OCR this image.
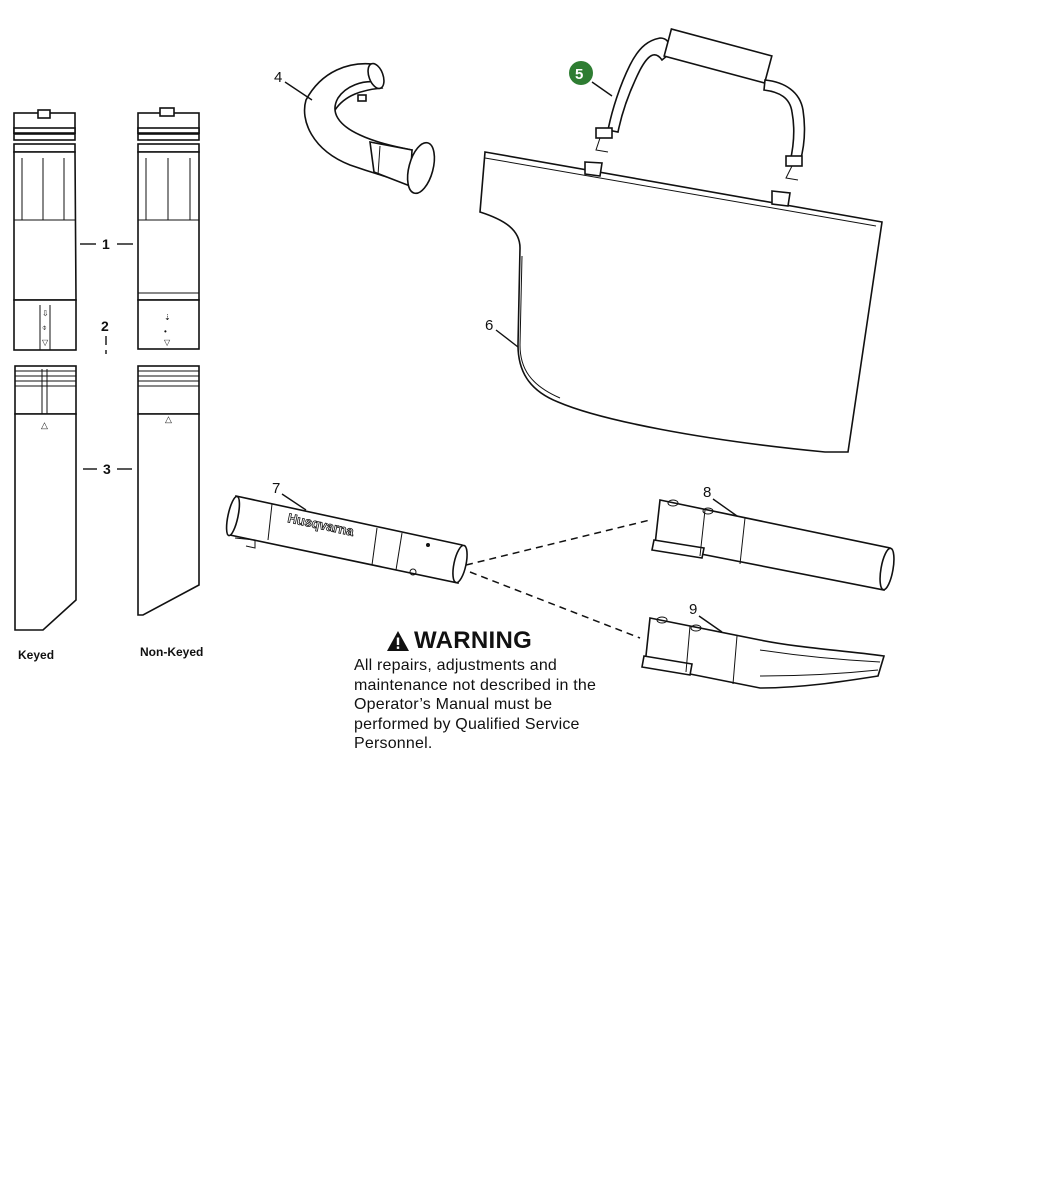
⇩
⌽
▽
△
⇣
•
▽
△
1
2
3
Keyed	Non-Keyed
4	5
6
Husqvarna
7	8
9
WARNING
All repairs, adjustments and maintenance not described in the Operator’s Manual must be performed by Qualified Service Personnel.
